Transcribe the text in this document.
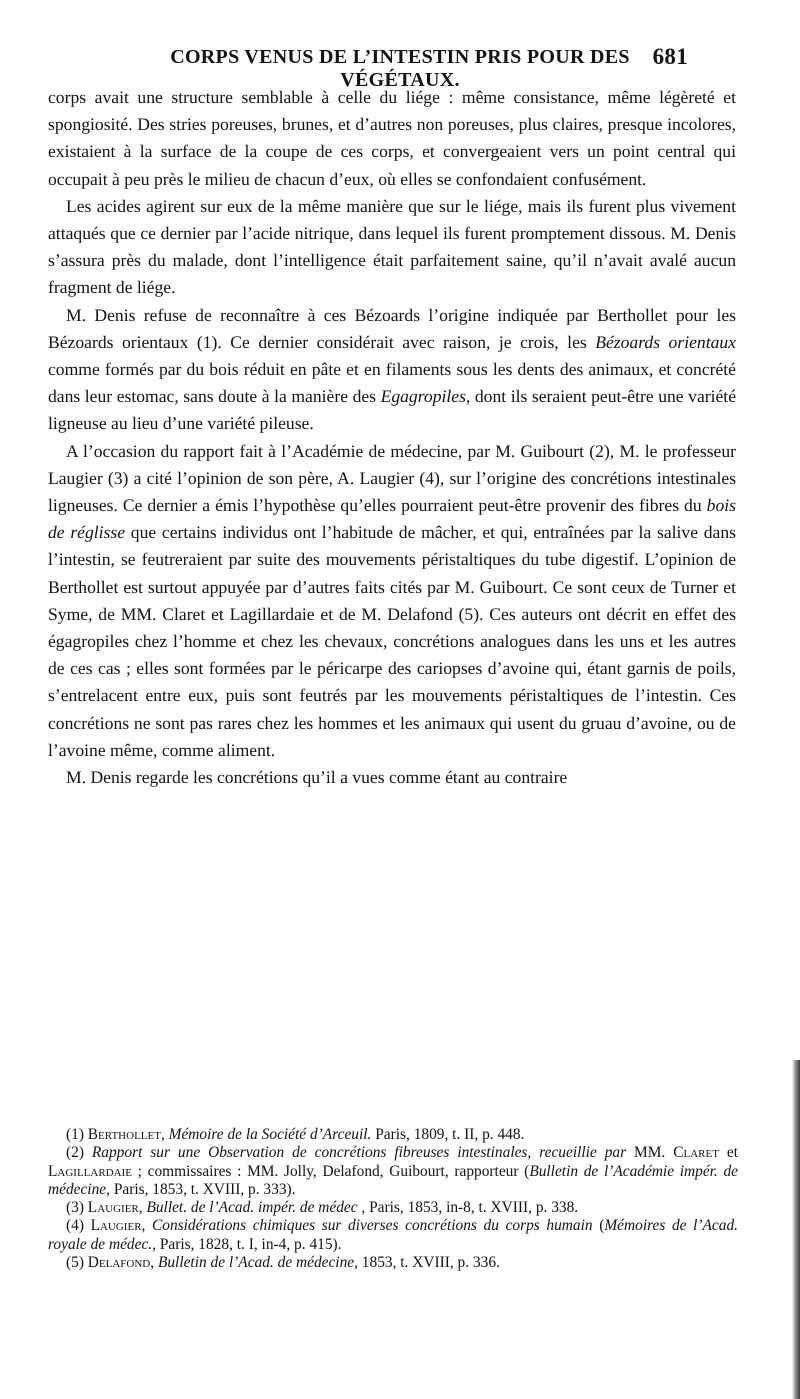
CORPS VENUS DE L’INTESTIN PRIS POUR DES VÉGÉTAUX.
681

corps avait une structure semblable à celle du liége : même consistance, même légèreté et spongiosité. Des stries poreuses, brunes, et d’autres non poreuses, plus claires, presque incolores, existaient à la surface de la coupe de ces corps, et convergeaient vers un point central qui occupait à peu près le milieu de chacun d’eux, où elles se confondaient confusément.

Les acides agirent sur eux de la même manière que sur le liége, mais ils furent plus vivement attaqués que ce dernier par l’acide nitrique, dans lequel ils furent promptement dissous. M. Denis s’assura près du malade, dont l’intelligence était parfaitement saine, qu’il n’avait avalé aucun fragment de liége.

M. Denis refuse de reconnaître à ces Bézoards l’origine indiquée par Berthollet pour les Bézoards orientaux (1). Ce dernier considérait avec raison, je crois, les Bézoards orientaux comme formés par du bois réduit en pâte et en filaments sous les dents des animaux, et concrété dans leur estomac, sans doute à la manière des Egagropiles, dont ils seraient peut-être une variété ligneuse au lieu d’une variété pileuse.

A l’occasion du rapport fait à l’Académie de médecine, par M. Guibourt (2), M. le professeur Laugier (3) a cité l’opinion de son père, A. Laugier (4), sur l’origine des concrétions intestinales ligneuses. Ce dernier a émis l’hypothèse qu’elles pourraient peut-être provenir des fibres du bois de réglisse que certains individus ont l’habitude de mâcher, et qui, entraînées par la salive dans l’intestin, se feutreraient par suite des mouvements péristaltiques du tube digestif. L’opinion de Berthollet est surtout appuyée par d’autres faits cités par M. Guibourt. Ce sont ceux de Turner et Syme, de MM. Claret et Lagillardaie et de M. Delafond (5). Ces auteurs ont décrit en effet des égagropiles chez l’homme et chez les chevaux, concrétions analogues dans les uns et les autres de ces cas ; elles sont formées par le péricarpe des cariopses d’avoine qui, étant garnis de poils, s’entrelacent entre eux, puis sont feutrés par les mouvements péristaltiques de l’intestin. Ces concrétions ne sont pas rares chez les hommes et les animaux qui usent du gruau d’avoine, ou de l’avoine même, comme aliment.

M. Denis regarde les concrétions qu’il a vues comme étant au contraire

(1) Berthollet, Mémoire de la Société d’Arceuil. Paris, 1809, t. II, p. 448.

(2) Rapport sur une Observation de concrétions fibreuses intestinales, recueillie par MM. Claret et Lagillardaie ; commissaires : MM. Jolly, Delafond, Guibourt, rapporteur (Bulletin de l’Académie impér. de médecine, Paris, 1853, t. XVIII, p. 333).

(3) Laugier, Bullet. de l’Acad. impér. de médec , Paris, 1853, in-8, t. XVIII, p. 338.

(4) Laugier, Considérations chimiques sur diverses concrétions du corps humain (Mémoires de l’Acad. royale de médec., Paris, 1828, t. I, in-4, p. 415).

(5) Delafond, Bulletin de l’Acad. de médecine, 1853, t. XVIII, p. 336.
